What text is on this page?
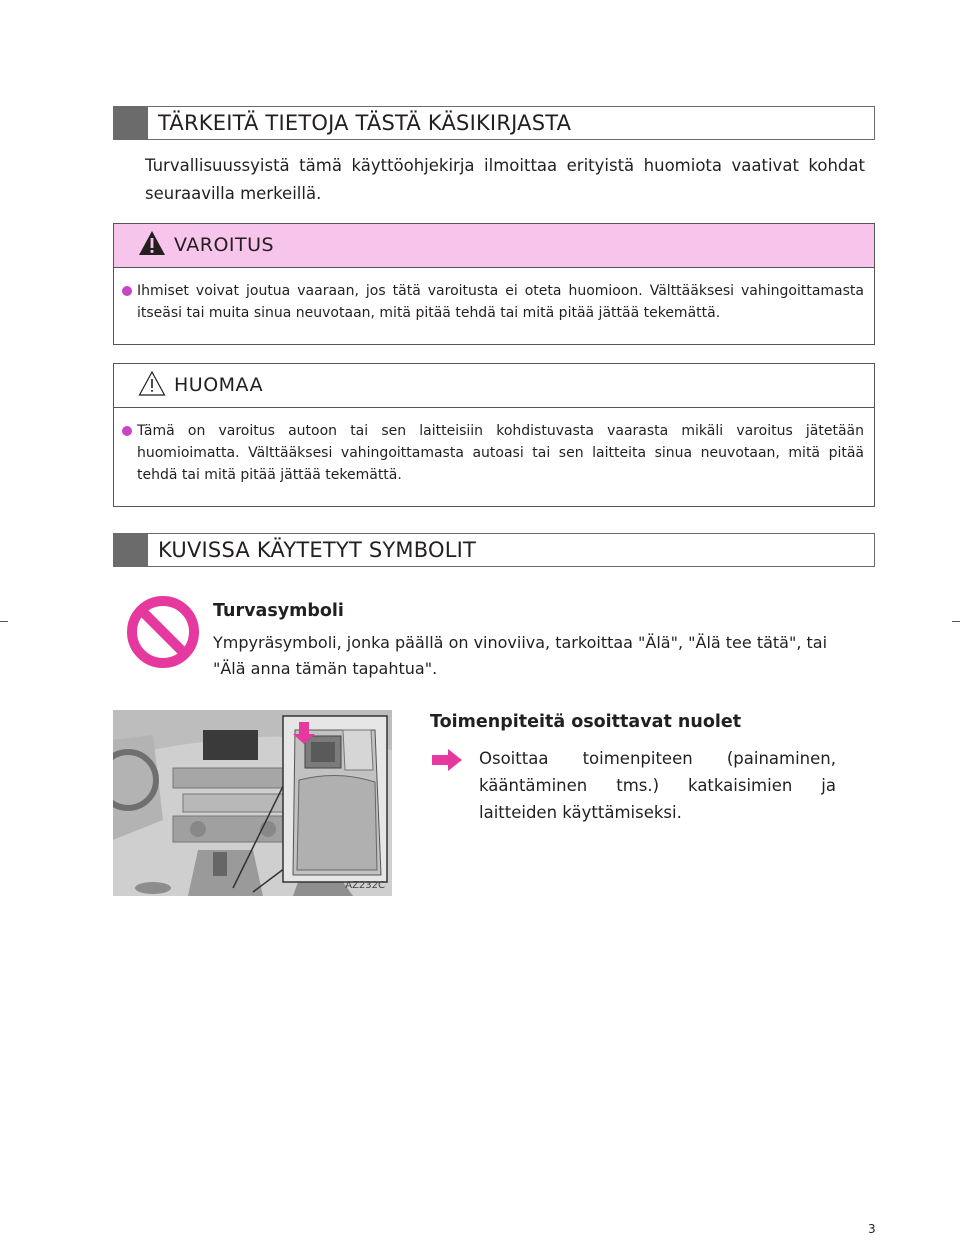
TÄRKEITÄ TIETOJA TÄSTÄ KÄSIKIRJASTA
Turvallisuussyistä tämä käyttöohjekirja ilmoittaa erityistä huomiota vaativat kohdat seuraavilla merkeillä.
VAROITUS
Ihmiset voivat joutua vaaraan, jos tätä varoitusta ei oteta huomioon. Välttääksesi vahingoittamasta itseäsi tai muita sinua neuvotaan, mitä pitää tehdä tai mitä pitää jättää tekemättä.
HUOMAA
Tämä on varoitus autoon tai sen laitteisiin kohdistuvasta vaarasta mikäli varoitus jätetään huomioimatta. Välttääksesi vahingoittamasta autoasi tai sen laitteita sinua neuvotaan, mitä pitää tehdä tai mitä pitää jättää tekemättä.
KUVISSA KÄYTETYT SYMBOLIT
Turvasymboli
Ympyräsymboli, jonka päällä on vinoviiva, tarkoittaa "Älä", "Älä tee tätä", tai "Älä anna tämän tapahtua".
AZ232C
Toimenpiteitä osoittavat nuolet
Osoittaa toimenpiteen (painaminen, kääntäminen tms.) katkaisimien ja laitteiden käyttämiseksi.
3
